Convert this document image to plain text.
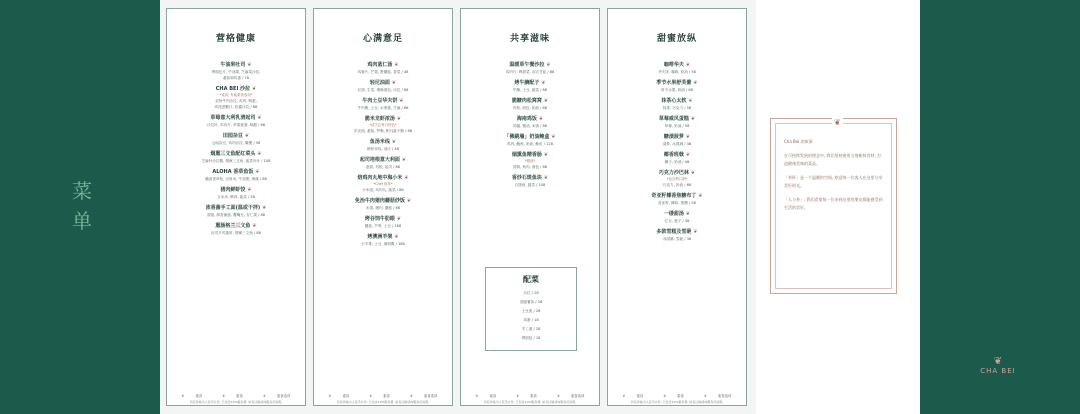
菜
单
营格健康
牛油果吐司 ❦
烤面包片, 牛油果, 芝麻菜沙拉,
番茄和鸡蛋 / 78
CHA BEI 沙拉 ❦
*素食, 有能素食选项*
双份牛肉沙拉, 鸡肉, 鸭蛋,
鸡尾酒酱汁, 松露沙拉 / 88
草莓意大利乳清起司 ❦
沙拉叶, 鸡肉片, 苹果意面, 味醋 / 68
田园杂豆 ❦
云南杂豆, 鸡肉沙拉, 橄榄 / 58
烟熏三文鱼配红菜头 ❦
芝麻叶沙拉酱, 烟熏三文鱼, 菠菜叶汁 / 108
ALOHA 香草鱼饭 ❦
腌渍香草鱼, 豆角米, 牛油果, 海藻 / 88
猪肉鲜虾饺 ❦
玉米米, 鸭肉, 菠菜 / 58
浓香菌手工面(温或干拌) ❦
面饭, 鲜香菌菇, 鹰嘴豆, 杏仁果 / 88
熏肠格兰三文鱼 ❦
吐司片鸡蛋饼, 烟熏三文鱼 / 88
❦	素食	❦	素食	❦	素食选项
所有价格为人民币计价, 已包含10%服务费, 如有过敏请向服务员说明。
心满意足
鸡肉蓝仁汤 ❦
鸡蓉片, 芒果, 野蘑菇, 香菜 / 48
轻尼油面 ❦
长面, 生菜, 烟熏面包, 沙拉 / 68
牛肉土豆华夫饼 ❦
牛肉酱, 土豆, 水煮蛋, 芝麻 / 68
脆米龙虾浓汤 ❦
*请关注每日特色*
贝壳面, 番茄, 罗勒, 帕马森干酪 / 88
鱼汤米线 ❦
鲜虾米线, 汤汁 / 48
起司培根意大利面 ❦
意面, 培根, 起司 / 88
焙鸡肉丸地中海小米 ❦
*Chef 推荐*
小米饭, 鸡肉丸, 蔬菜 / 88
免治牛肉猪肉蘑菇炒饭 ❦
米饭, 猪肉, 蘑菇 / 68
烤谷饲牛肋眼 ❦
蘑菇, 芦笋, 土豆 / 168
烤澳洲羊架 ❦
小羊排, 土豆, 薄荷酱 / 188
❦	素食	❦	素食	❦	素食选项
所有价格为人民币计价, 已包含10%服务费, 如有过敏请向服务员说明。
共享滋味
温暖草午餐沙拉 ❦
鸡肉片, 烤甜菜, 羽衣甘蓝 / 88
烤牛腩配子 ❦
牛腩, 土豆, 蔬菜 / 88
脆糖肉松窝窝 ❦
肉松, 面包, 奶油 / 68
海南鸡饭 ❦
鸡腿, 酱油, 米饭 / 88
「佛跳墙」奶油鲍盒 ❦
鸡肉, 鲍鱼, 奶油, 酥皮 / 128
烟熏鱼精香肠 ❦
*精选*
香肠, 鱼肉, 面包 / 88
香炒石斑鱼块 ❦
石斑鱼, 蔬菜 / 108
配菜
沙拉 / 28
香脆薯条 / 28
土豆泥 / 28
鸡蛋 / 18
手工面 / 28
烤面包 / 18
❦	素食	❦	素食	❦	素食选项
所有价格为人民币计价, 已包含10%服务费, 如有过敏请向服务员说明。
甜蜜放纵
咖啡华夫 ❦
华夫饼, 咖啡, 奶油 / 58
季节水果舒芙蕾 ❦
时令水果, 奶油 / 68
抹茶心太软 ❦
抹茶, 巧克力 / 58
草莓威风蛋糕 ❦
草莓, 奶油 / 58
糖渍菠萝 ❦
菠萝, 冰淇淋 / 48
椰香班戟 ❦
椰子, 奶油 / 48
巧克力沙巴林 ❦
*包含利口酒*
巧克力, 奶油 / 68
奇亚籽椰香焦糖布丁 ❦
奇亚籽, 椰奶, 焦糖 / 58
一缕甜汤 ❦
红豆, 莲子 / 38
多款雪糕及雪葩 ❦
冰淇淋, 雪葩 / 38
❦	素食	❦	素食	❦	素食选项
所有价格为人民币计价, 已包含10%服务费, 如有过敏请向服务员说明。
❦

Cha Bei 的故事

在可持续发展的理念中, 我们坚持使用当地新鲜食材, 打造健康美味的菜品。

「茶杯」是一个温暖的空间, 欢迎每一位客人在这里分享美好时光。

「人与茶」, 我们希望每一位来到这里的朋友都能感受到生活的美好。

❦
CHA BEI
